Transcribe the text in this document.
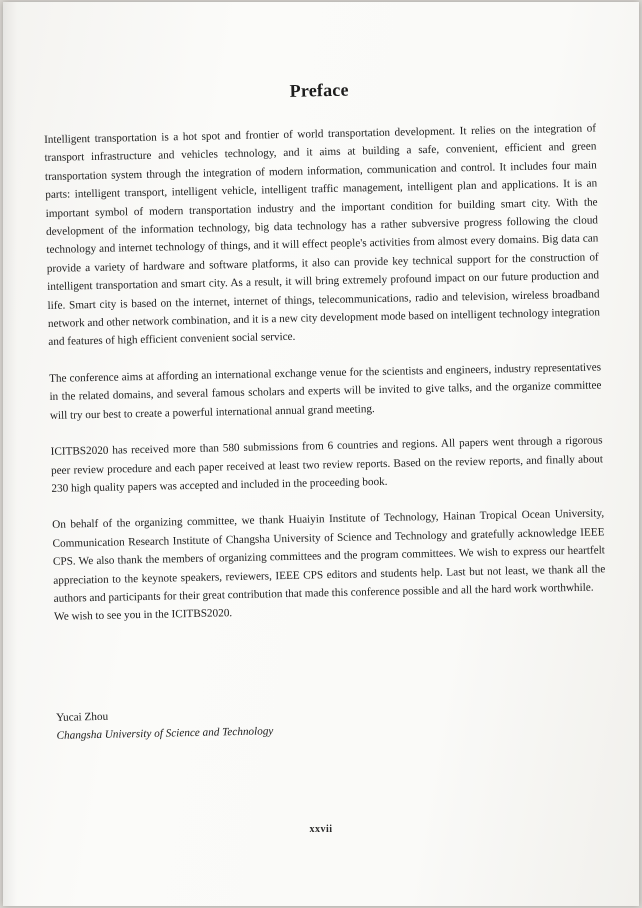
Preface

Intelligent transportation is a hot spot and frontier of world transportation development. It relies on the integration of transport infrastructure and vehicles technology, and it aims at building a safe, convenient, efficient and green transportation system through the integration of modern information, communication and control. It includes four main parts: intelligent transport, intelligent vehicle, intelligent traffic management, intelligent plan and applications. It is an important symbol of modern transportation industry and the important condition for building smart city. With the development of the information technology, big data technology has a rather subversive progress following the cloud technology and internet technology of things, and it will effect people's activities from almost every domains. Big data can provide a variety of hardware and software platforms, it also can provide key technical support for the construction of intelligent transportation and smart city. As a result, it will bring extremely profound impact on our future production and life. Smart city is based on the internet, internet of things, telecommunications, radio and television, wireless broadband network and other network combination, and it is a new city development mode based on intelligent technology integration and features of high efficient convenient social service.

The conference aims at affording an international exchange venue for the scientists and engineers, industry representatives in the related domains, and several famous scholars and experts will be invited to give talks, and the organize committee will try our best to create a powerful international annual grand meeting.

ICITBS2020 has received more than 580 submissions from 6 countries and regions. All papers went through a rigorous peer review procedure and each paper received at least two review reports. Based on the review reports, and finally about 230 high quality papers was accepted and included in the proceeding book.

On behalf of the organizing committee, we thank Huaiyin Institute of Technology, Hainan Tropical Ocean University, Communication Research Institute of Changsha University of Science and Technology and gratefully acknowledge IEEE CPS. We also thank the members of organizing committees and the program committees. We wish to express our heartfelt appreciation to the keynote speakers, reviewers, IEEE CPS editors and students help. Last but not least, we thank all the authors and participants for their great contribution that made this conference possible and all the hard work worthwhile.

We wish to see you in the ICITBS2020.

Yucai Zhou
Changsha University of Science and Technology
xxvii
